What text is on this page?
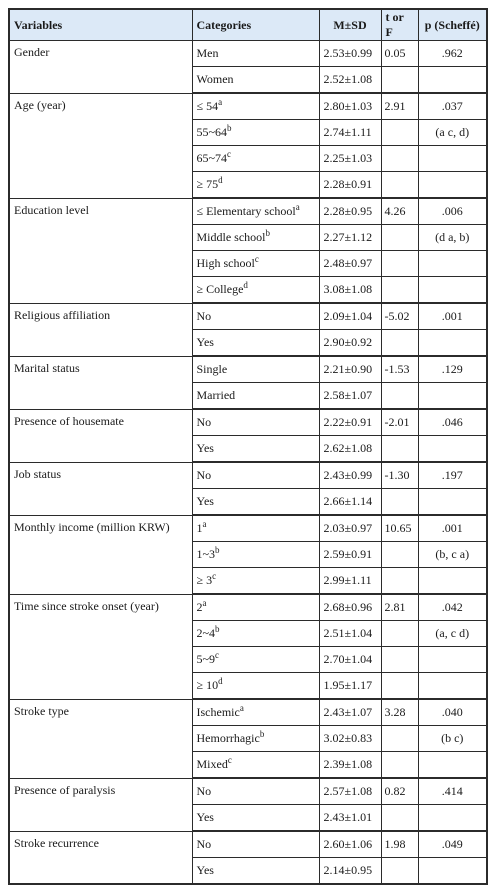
Variables	Categories	M±SD	t or F	p (Scheffé)
Gender	Men	2.53±0.99	0.05	.962
	Women	2.52±1.08		
Age (year)	≤ $54^a$	2.80±1.03	2.91	.037
	55~64$^b$	2.74±1.11		(a c, d)
	65~74$^c$	2.25±1.03		
	≥ $75^d$	2.28±0.91		
Education level	≤ Elementary school$^a$	2.28±0.95	4.26	.006
	Middle school$^b$	2.27±1.12		(d a, b)
	High school$^c$	2.48±0.97		
	≥ College$^d$	3.08±1.08		
Religious affiliation	No	2.09±1.04	-5.02	.001
	Yes	2.90±0.92		
Marital status	Single	2.21±0.90	-1.53	.129
	Married	2.58±1.07		
Presence of housemate	No	2.22±0.91	-2.01	.046
	Yes	2.62±1.08		
Job status	No	2.43±0.99	-1.30	.197
	Yes	2.66±1.14		
Monthly income (million KRW)	1$^a$	2.03±0.97	10.65	.001
	1~3$^b$	2.59±0.91		(b, c a)
	≥ $3^c$	2.99±1.11		
Time since stroke onset (year)	2$^a$	2.68±0.96	2.81	.042
	2~4$^b$	2.51±1.04		(a, c d)
	5~9$^c$	2.70±1.04		
	≥ $10^d$	1.95±1.17		
Stroke type	Ischemic$^a$	2.43±1.07	3.28	.040
	Hemorrhagic$^b$	3.02±0.83		(b c)
	Mixed$^c$	2.39±1.08		
Presence of paralysis	No	2.57±1.08	0.82	.414
	Yes	2.43±1.01		
Stroke recurrence	No	2.60±1.06	1.98	.049
	Yes	2.14±0.95		
